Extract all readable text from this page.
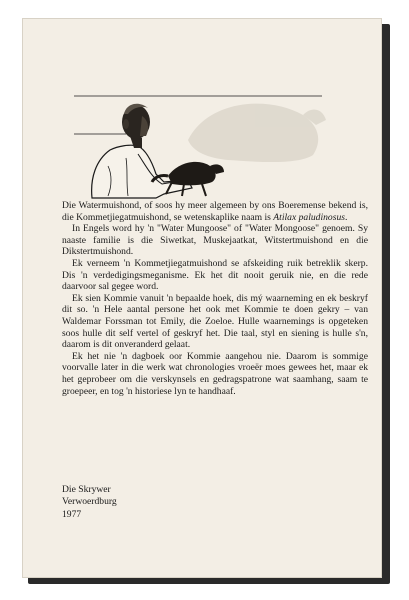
Die Watermuishond, of soos hy meer algemeen by ons Boeremense bekend is, die Kommetjiegatmuishond, se wetenskaplike naam is Atilax paludinosus.

In Engels word hy 'n "Water Mungoose" of "Water Mongoose" genoem. Sy naaste familie is die Siwetkat, Muskejaatkat, Witstertmuishond en die Dikstertmuishond.

Ek verneem 'n Kommetjiegatmuishond se afskeiding ruik betreklik skerp. Dis 'n verdedigingsmeganisme. Ek het dit nooit geruik nie, en die rede daarvoor sal gegee word.

Ek sien Kommie vanuit 'n bepaalde hoek, dis mý waarneming en ek beskryf dit so. 'n Hele aantal persone het ook met Kommie te doen gekry – van Waldemar Forssman tot Emily, die Zoeloe. Hulle waarnemings is opgeteken soos hulle dit self vertel of geskryf het. Die taal, styl en siening is hulle s'n, daarom is dit onveranderd gelaat.

Ek het nie 'n dagboek oor Kommie aangehou nie. Daarom is sommige voorvalle later in die werk wat chronologies vroeër moes gewees het, maar ek het geprobeer om die verskynsels en gedragspatrone wat saamhang, saam te groepeer, en tog 'n historiese lyn te handhaaf.

Die Skrywer
Verwoerdburg
1977
